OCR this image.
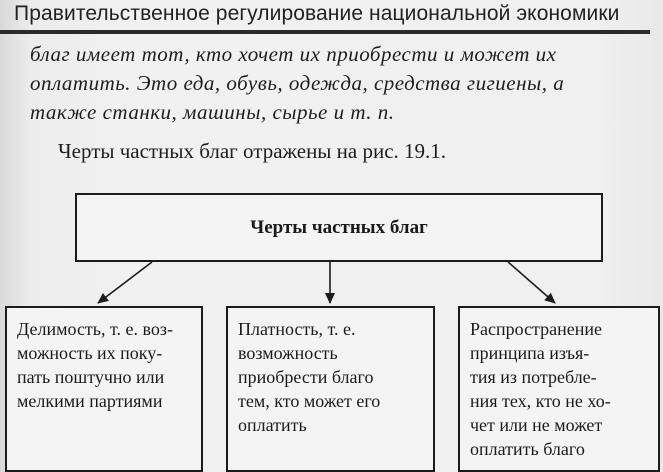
Правительственное регулирование национальной экономики
благ имеет тот, кто хочет их приобрести и может их
оплатить. Это еда, обувь, одежда, средства гигиены, а
также станки, машины, сырье и т. п.
Черты частных благ отражены на рис. 19.1.
Черты частных благ
Делимость, т. е. воз-
можность их поку-
пать поштучно или
мелкими партиями
Платность, т. е.
возможность
приобрести благо
тем, кто может его
оплатить
Распространение
принципа изъя-
тия из потребле-
ния тех, кто не хо-
чет или не может
оплатить благо
